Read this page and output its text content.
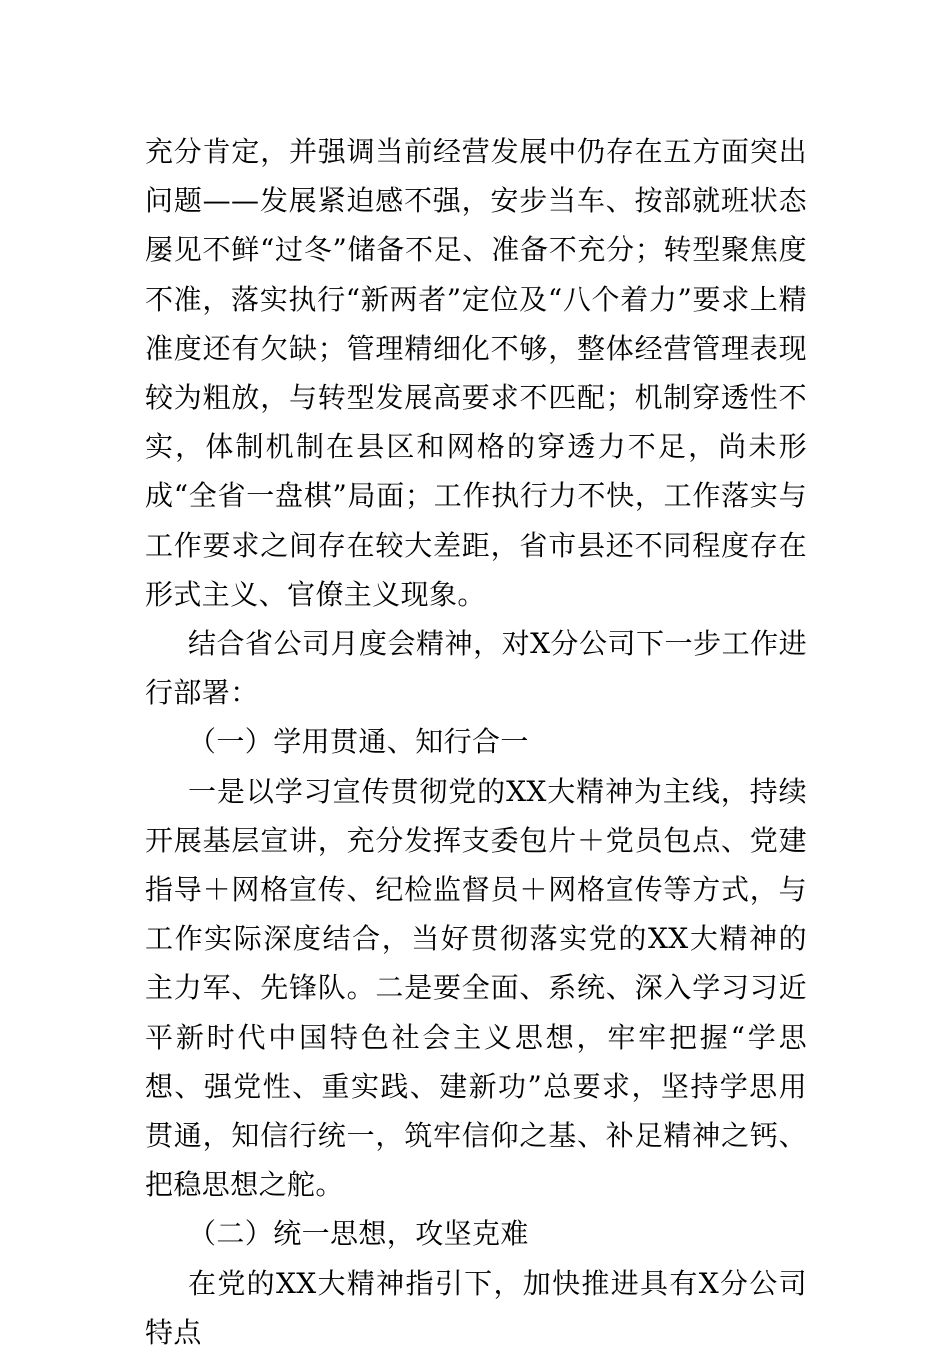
充分肯定，并强调当前经营发展中仍存在五方面突出问题——发展紧迫感不强，安步当车、按部就班状态屡见不鲜“过冬”储备不足、准备不充分；转型聚焦度不准，落实执行“新两者”定位及“八个着力”要求上精准度还有欠缺；管理精细化不够，整体经营管理表现较为粗放，与转型发展高要求不匹配；机制穿透性不实，体制机制在县区和网格的穿透力不足，尚未形成“全省一盘棋”局面；工作执行力不快，工作落实与工作要求之间存在较大差距，省市县还不同程度存在形式主义、官僚主义现象。

结合省公司月度会精神，对X分公司下一步工作进行部署：

（一）学用贯通、知行合一

一是以学习宣传贯彻党的XX大精神为主线，持续开展基层宣讲，充分发挥支委包片＋党员包点、党建指导＋网格宣传、纪检监督员＋网格宣传等方式，与工作实际深度结合，当好贯彻落实党的XX大精神的主力军、先锋队。二是要全面、系统、深入学习习近平新时代中国特色社会主义思想，牢牢把握“学思想、强党性、重实践、建新功”总要求，坚持学思用贯通，知信行统一，筑牢信仰之基、补足精神之钙、把稳思想之舵。

（二）统一思想，攻坚克难

在党的XX大精神指引下，加快推进具有X分公司特点
